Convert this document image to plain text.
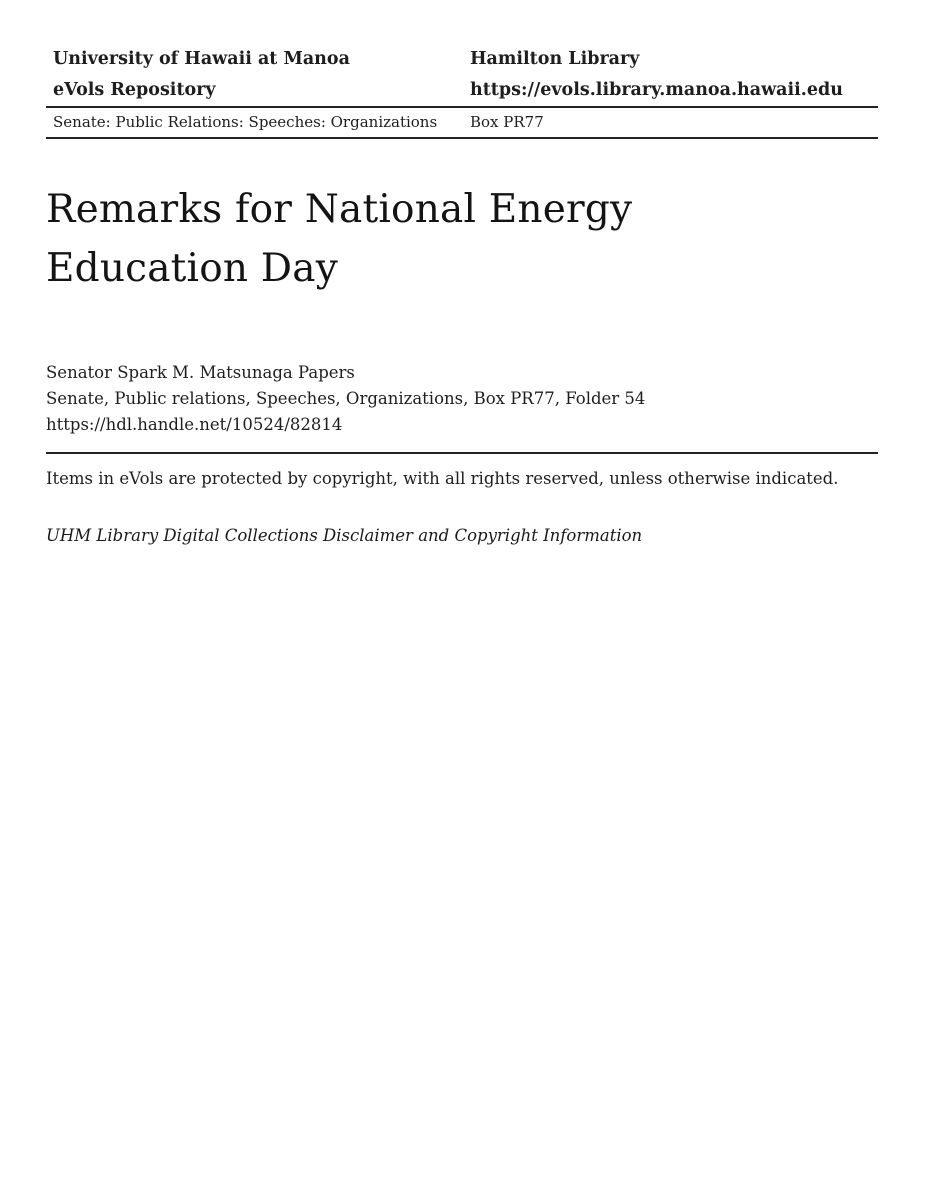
University of Hawaii at Manoa
eVols Repository
Hamilton Library
https://evols.library.manoa.hawaii.edu
Senate: Public Relations: Speeches: Organizations	Box PR77
Remarks for National Energy
Education Day
Senator Spark M. Matsunaga Papers
Senate, Public relations, Speeches, Organizations, Box PR77, Folder 54
https://hdl.handle.net/10524/82814

Items in eVols are protected by copyright, with all rights reserved, unless otherwise indicated.

UHM Library Digital Collections Disclaimer and Copyright Information
